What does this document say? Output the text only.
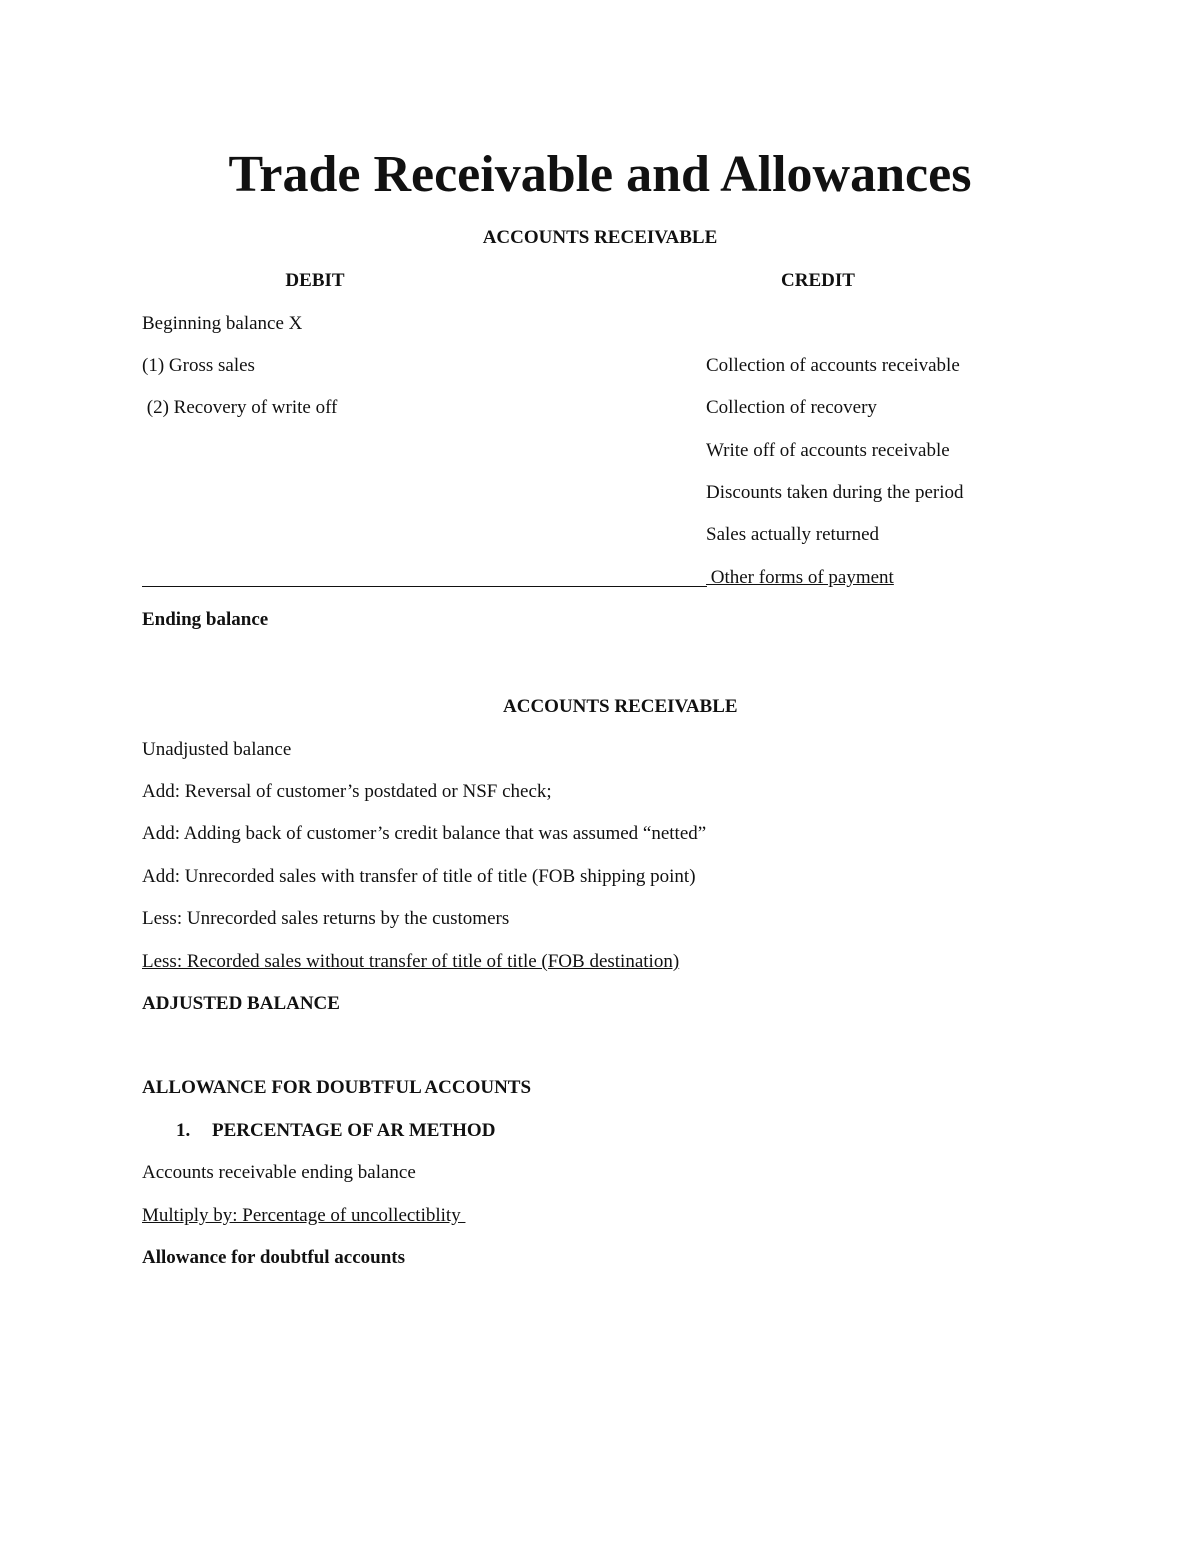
Trade Receivable and Allowances
ACCOUNTS RECEIVABLE
DEBIT	CREDIT
Beginning balance X
(1) Gross sales
(2) Recovery of write off
Collection of accounts receivable
Collection of recovery
Write off of accounts receivable
Discounts taken during the period
Sales actually returned
Other forms of payment
Ending balance
ACCOUNTS RECEIVABLE
Unadjusted balance
Add: Reversal of customer’s postdated or NSF check;
Add: Adding back of customer’s credit balance that was assumed “netted”
Add: Unrecorded sales with transfer of title of title (FOB shipping point)
Less: Unrecorded sales returns by the customers
Less: Recorded sales without transfer of title of title (FOB destination)
ADJUSTED BALANCE
ALLOWANCE FOR DOUBTFUL ACCOUNTS
1. PERCENTAGE OF AR METHOD
Accounts receivable ending balance
Multiply by: Percentage of uncollectiblity
Allowance for doubtful accounts
